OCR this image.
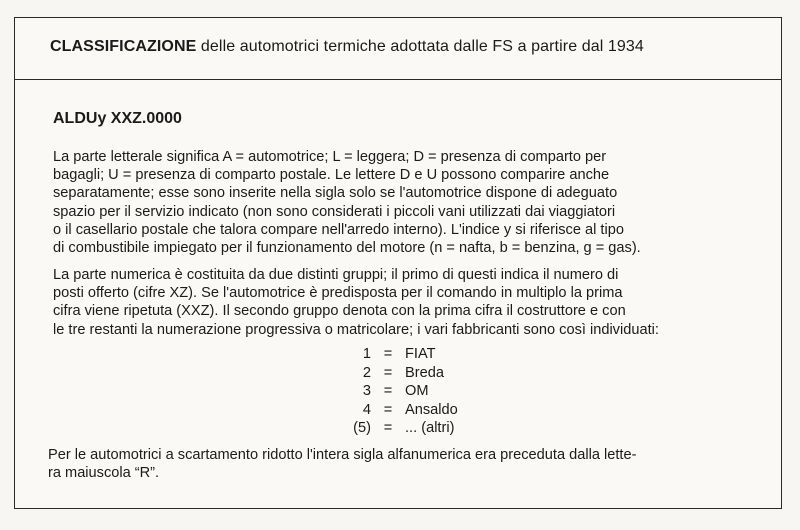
CLASSIFICAZIONE delle automotrici termiche adottata dalle FS a partire dal 1934
ALDUy XXZ.0000

La parte letterale significa A = automotrice; L = leggera; D = presenza di comparto per
bagagli; U = presenza di comparto postale. Le lettere D e U possono comparire anche
separatamente; esse sono inserite nella sigla solo se l'automotrice dispone di adeguato
spazio per il servizio indicato (non sono considerati i piccoli vani utilizzati dai viaggiatori
o il casellario postale che talora compare nell'arredo interno). L'indice y si riferisce al tipo
di combustibile impiegato per il funzionamento del motore (n = nafta, b = benzina, g = gas).

La parte numerica è costituita da due distinti gruppi; il primo di questi indica il numero di
posti offerto (cifre XZ). Se l'automotrice è predisposta per il comando in multiplo la prima
cifra viene ripetuta (XXZ). Il secondo gruppo denota con la prima cifra il costruttore e con
le tre restanti la numerazione progressiva o matricolare; i vari fabbricanti sono così individuati:

1	=	FIAT
2	=	Breda
3	=	OM
4	=	Ansaldo
(5)	=	... (altri)

Per le automotrici a scartamento ridotto l'intera sigla alfanumerica era preceduta dalla lette-
ra maiuscola “R”.
